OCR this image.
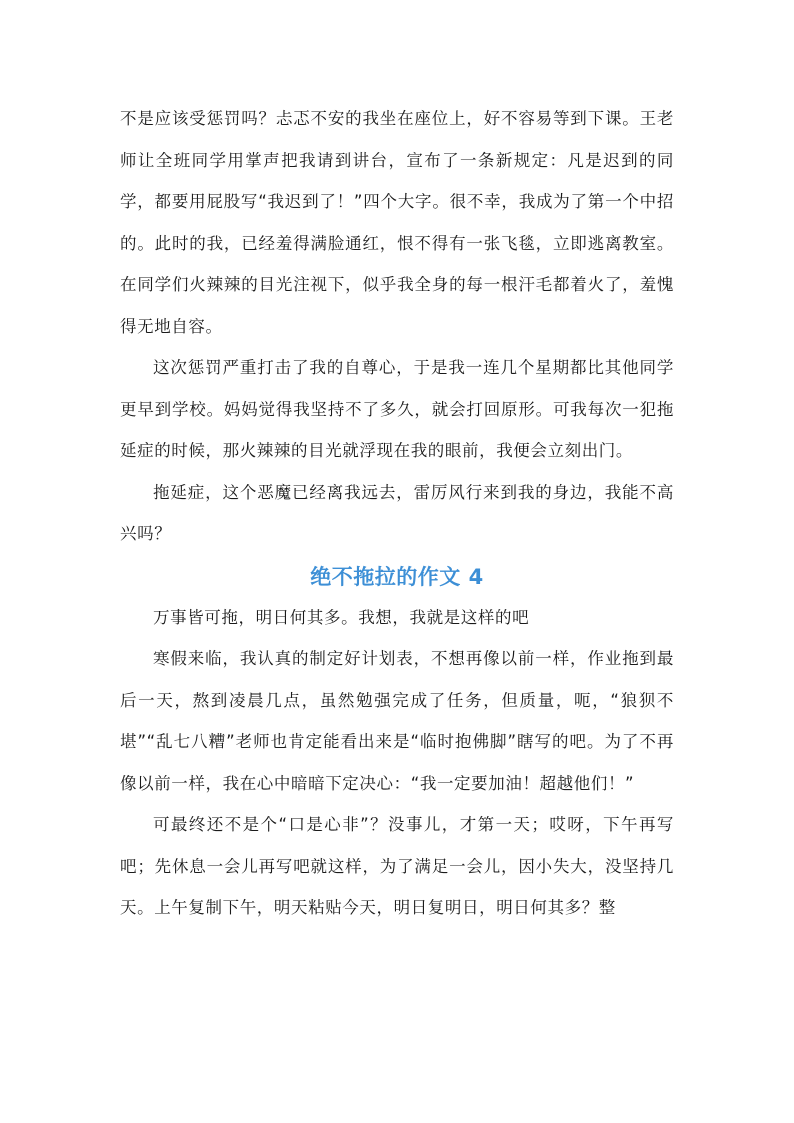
不是应该受惩罚吗？忐忑不安的我坐在座位上，好不容易等到下课。王老师让全班同学用掌声把我请到讲台，宣布了一条新规定：凡是迟到的同学，都要用屁股写“我迟到了！”四个大字。很不幸，我成为了第一个中招的。此时的我，已经羞得满脸通红，恨不得有一张飞毯，立即逃离教室。在同学们火辣辣的目光注视下，似乎我全身的每一根汗毛都着火了，羞愧得无地自容。

这次惩罚严重打击了我的自尊心，于是我一连几个星期都比其他同学更早到学校。妈妈觉得我坚持不了多久，就会打回原形。可我每次一犯拖延症的时候，那火辣辣的目光就浮现在我的眼前，我便会立刻出门。

拖延症，这个恶魔已经离我远去，雷厉风行来到我的身边，我能不高兴吗？

绝不拖拉的作文 4

万事皆可拖，明日何其多。我想，我就是这样的吧

寒假来临，我认真的制定好计划表，不想再像以前一样，作业拖到最后一天，熬到凌晨几点，虽然勉强完成了任务，但质量，呃，“狼狈不堪”“乱七八糟”老师也肯定能看出来是“临时抱佛脚”瞎写的吧。为了不再像以前一样，我在心中暗暗下定决心：“我一定要加油！超越他们！”

可最终还不是个“口是心非”？没事儿，才第一天；哎呀，下午再写吧；先休息一会儿再写吧就这样，为了满足一会儿，因小失大，没坚持几天。上午复制下午，明天粘贴今天，明日复明日，明日何其多？整
